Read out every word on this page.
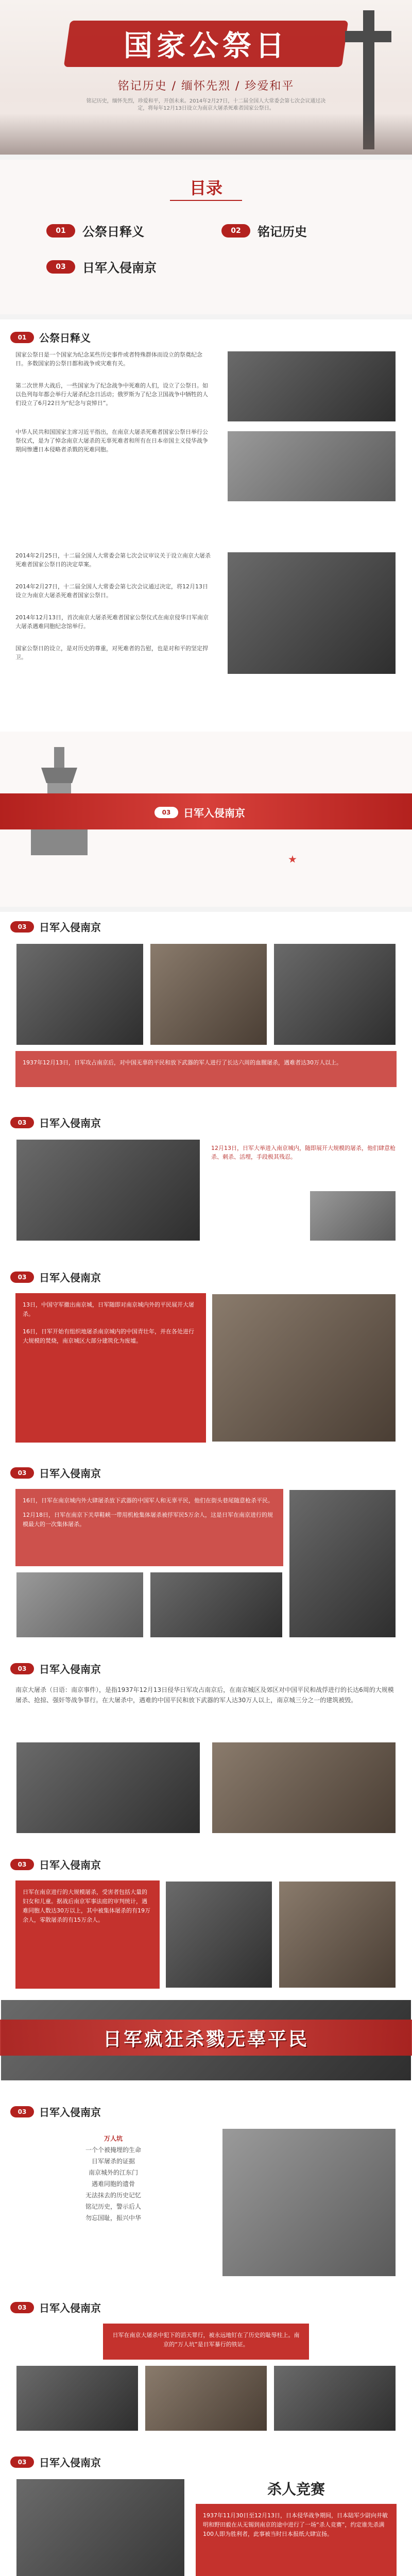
国家公祭日
铭记历史 / 缅怀先烈 / 珍爱和平
铭记历史，缅怀先烈，珍爱和平，开创未来。2014年2月27日，十二届全国人大常委会第七次会议通过决定，将每年12月13日设立为南京大屠杀死难者国家公祭日。
目录
01	公祭日释义	02	铭记历史
03	日军入侵南京
01	公祭日释义
国家公祭日是一个国家为纪念某些历史事件或者特殊群体而设立的祭奠纪念日。多数国家的公祭日都和战争或灾难有关。
第二次世界大战后，一些国家为了纪念战争中死难的人们，设立了公祭日。如以色列每年都会举行大屠杀纪念日活动；俄罗斯为了纪念卫国战争中牺牲的人们设立了6月22日为“纪念与哀悼日”。
中华人民共和国国家主席习近平指出，在南京大屠杀死难者国家公祭日举行公祭仪式，是为了悼念南京大屠杀的无辜死难者和所有在日本帝国主义侵华战争期间惨遭日本侵略者杀戮的死难同胞。
2014年2月25日，十二届全国人大常委会第七次会议审议关于设立南京大屠杀死难者国家公祭日的决定草案。
2014年2月27日，十二届全国人大常委会第七次会议通过决定，将12月13日设立为南京大屠杀死难者国家公祭日。
2014年12月13日，首次南京大屠杀死难者国家公祭仪式在南京侵华日军南京大屠杀遇难同胞纪念馆举行。
国家公祭日的设立，是对历史的尊重，对死难者的告慰，也是对和平的坚定捍卫。
03	日军入侵南京
03	日军入侵南京
1937年12月13日，日军攻占南京后，对中国无辜的平民和放下武器的军人进行了长达六周的血腥屠杀，遇难者达30万人以上。
03	日军入侵南京
12月13日，日军大举进入南京城内，随即展开大规模的屠杀，他们肆意枪杀、刺杀、活埋，手段极其残忍。
03	日军入侵南京
13日，中国守军撤出南京城，日军随即对南京城内外的平民展开大屠杀。
16日，日军开始有组织地屠杀南京城内的中国青壮年，并在各处进行大规模的焚烧，南京城区大部分建筑化为废墟。
03	日军入侵南京
16日，日军在南京城内外大肆屠杀放下武器的中国军人和无辜平民，他们在街头巷尾随意枪杀平民。
12月18日，日军在南京下关草鞋峡一带用机枪集体屠杀被俘军民5万余人，这是日军在南京进行的规模最大的一次集体屠杀。
03	日军入侵南京
南京大屠杀（日语：南京事件），是指1937年12月13日侵华日军攻占南京后，在南京城区及郊区对中国平民和战俘进行的长达6周的大规模屠杀、抢掠、强奸等战争罪行。在大屠杀中，遇难的中国平民和放下武器的军人达30万人以上，南京城三分之一的建筑被毁。
03	日军入侵南京
日军在南京进行的大规模屠杀，受害者包括大量的妇女和儿童。据战后南京军事法庭的审判统计，遇难同胞人数达30万以上，其中被集体屠杀的有19万余人，零散屠杀的有15万余人。
日军疯狂杀戮无辜平民
03	日军入侵南京
万人坑
一个个被掩埋的生命
日军屠杀的证据
南京城外的江东门
遇难同胞的遗骨
无法抹去的历史记忆
铭记历史，警示后人
勿忘国耻，振兴中华
03	日军入侵南京
日军在南京大屠杀中犯下的滔天罪行，被永远地钉在了历史的耻辱柱上。南京的“万人坑”是日军暴行的铁证。
03	日军入侵南京
杀人竞赛
1937年11月30日至12月13日，日本侵华战争期间，日本陆军少尉向井敏明和野田毅在从无锡到南京的途中进行了一场“杀人竞赛”，约定谁先杀满100人即为胜利者，此事被当时日本报纸大肆宣扬。
